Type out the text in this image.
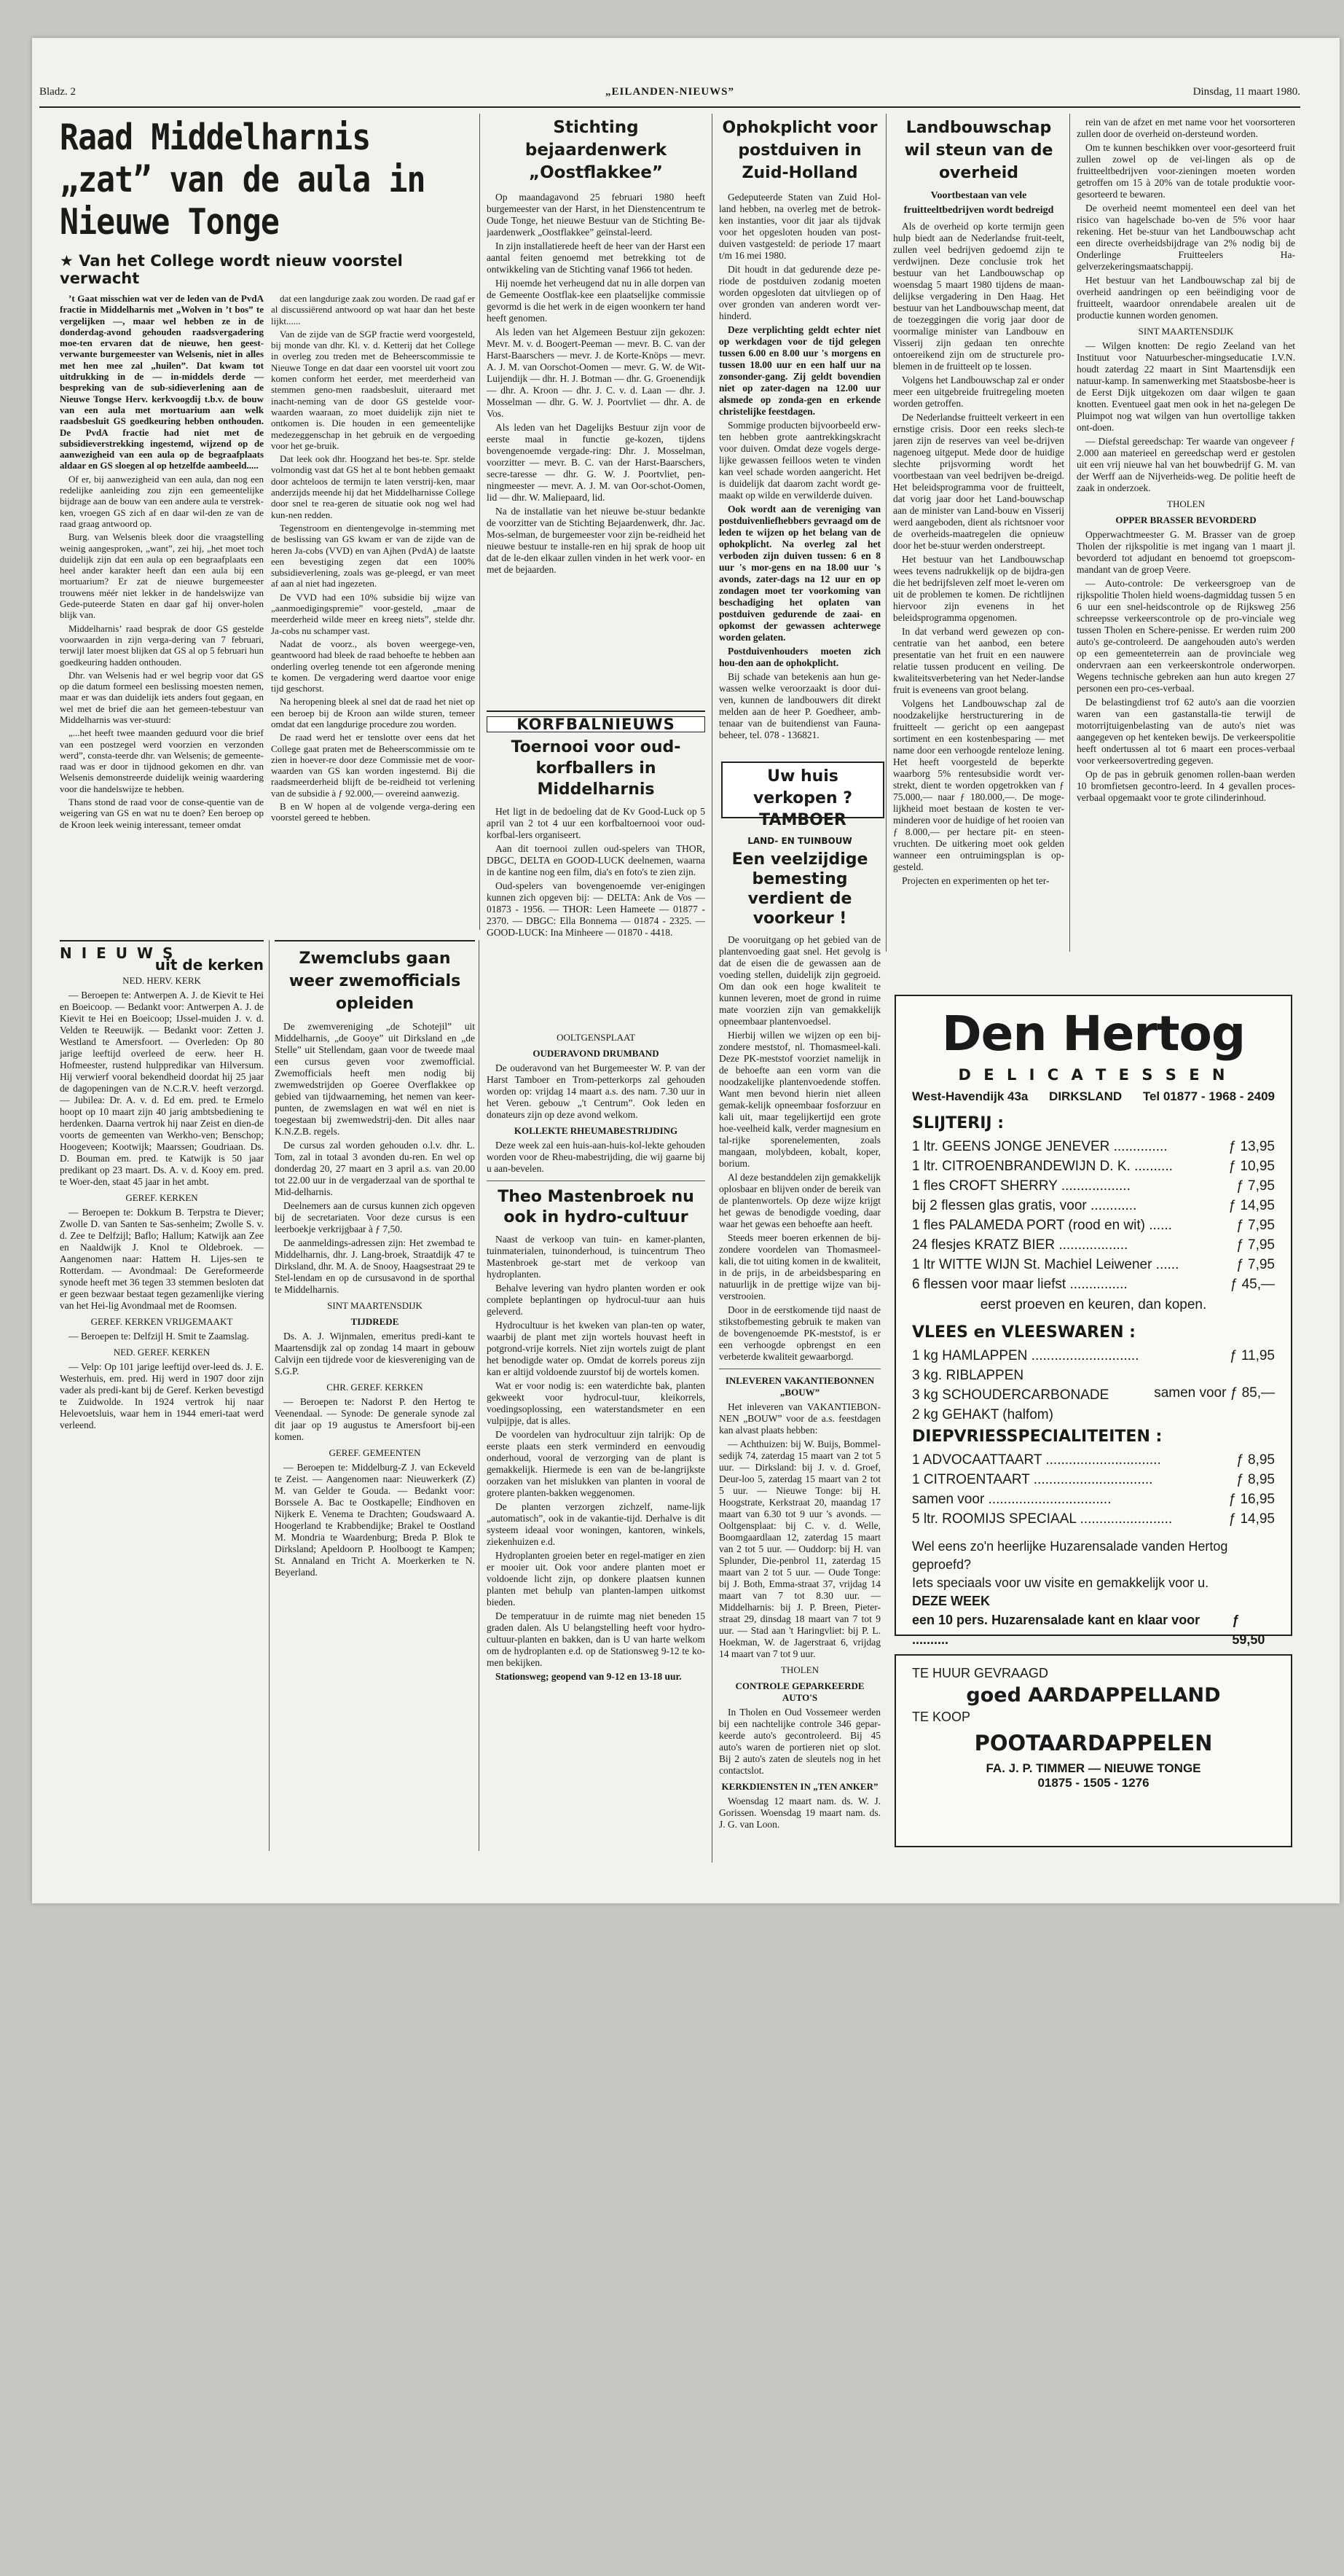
Bladz. 2	„EILANDEN-NIEUWS”	Dinsdag, 11 maart 1980.
Raad Middelharnis „zat” van de aula in Nieuwe Tonge
★ Van het College wordt nieuw voorstel verwacht

’t Gaat misschien wat ver de leden van de PvdA fractie in Middelharnis met „Wolven in ’t bos” te vergelijken —, maar wel hebben ze in de donderdag-avond gehouden raadsvergadering moe-ten ervaren dat de nieuwe, hen geest-verwante burgemeester van Welsenis, niet in alles met hen mee zal „huilen”. Dat kwam tot uitdrukking in de — in-middels derde — bespreking van de sub-sidieverlening aan de Nieuwe Tongse Herv. kerkvoogdij t.b.v. de bouw van een aula met mortuarium aan welk raadsbesluit GS goedkeuring hebben onthouden. De PvdA fractie had niet met de subsidieverstrekking ingestemd, wijzend op de aanwezigheid van een aula op de begraafplaats aldaar en GS sloegen al op hetzelfde aambeeld.....

Of er, bij aanwezigheid van een aula, dan nog een redelijke aanleiding zou zijn een gemeentelijke bijdrage aan de bouw van een andere aula te verstrek-ken, vroegen GS zich af en daar wil-den ze van de raad graag antwoord op.

Burg. van Welsenis bleek door die vraagstelling weinig aangesproken, „want”, zei hij, „het moet toch duidelijk zijn dat een aula op een begraafplaats een heel ander karakter heeft dan een aula bij een mortuarium? Er zat de nieuwe burgemeester trouwens méér niet lekker in de handelswijze van Gede-puteerde Staten en daar gaf hij onver-holen blijk van.

Middelharnis’ raad besprak de door GS gestelde voorwaarden in zijn verga-dering van 7 februari, terwijl later moest blijken dat GS al op 5 februari hun goedkeuring hadden onthouden.

Dhr. van Welsenis had er wel begrip voor dat GS op die datum formeel een beslissing moesten nemen, maar er was dan duidelijk iets anders fout gegaan, en wel met de brief die aan het gemeen-tebestuur van Middelharnis was ver-stuurd:

„...het heeft twee maanden geduurd voor die brief van een postzegel werd voorzien en verzonden werd”, consta-teerde dhr. van Welsenis; de gemeente-raad was er door in tijdnood gekomen en dhr. van Welsenis demonstreerde duidelijk weinig waardering voor die handelswijze te hebben.

Thans stond de raad voor de conse-quentie van de weigering van GS en wat nu te doen? Een beroep op de Kroon leek weinig interessant, temeer omdat

dat een langdurige zaak zou worden. De raad gaf er al discussiërend antwoord op wat haar dan het beste lijkt......

Van de zijde van de SGP fractie werd voorgesteld, bij monde van dhr. Kl. v. d. Ketterij dat het College in overleg zou treden met de Beheerscommissie te Nieuwe Tonge en dat daar een voorstel uit voort zou komen conform het eerder, met meerderheid van stemmen geno-men raadsbesluit, uiteraard met inacht-neming van de door GS gestelde voor-waarden waaraan, zo moet duidelijk zijn niet te ontkomen is. Die houden in een gemeentelijke medezeggenschap in het gebruik en de vergoeding voor het ge-bruik.

Dat leek ook dhr. Hoogzand het bes-te. Spr. stelde volmondig vast dat GS het al te bont hebben gemaakt door achteloos de termijn te laten verstrij-ken, maar anderzijds meende hij dat het Middelharnisse College door snel te rea-geren de situatie ook nog wel had kun-nen redden.

Tegenstroom en dientengevolge in-stemming met de beslissing van GS kwam er van de zijde van de heren Ja-cobs (VVD) en van Ajhen (PvdA) de laatste een bevestiging zegen dat een 100% subsidieverlening, zoals was ge-pleegd, er van meet af aan al niet had ingezeten.

De VVD had een 10% subsidie bij wijze van „aanmoedigingspremie” voor-gesteld, „maar de meerderheid wilde meer en kreeg niets”, stelde dhr. Ja-cobs nu schamper vast.

Nadat de voorz., als boven weergege-ven, geantwoord had bleek de raad behoefte te hebben aan onderling overleg tenende tot een afgeronde mening te komen. De vergadering werd daartoe voor enige tijd geschorst.

Na heropening bleek al snel dat de raad het niet op een beroep bij de Kroon aan wilde sturen, temeer omdat dat een langdurige procedure zou worden.

De raad werd het er tenslotte over eens dat het College gaat praten met de Beheerscommissie om te zien in hoever-re door deze Commissie met de voor-waarden van GS kan worden ingestemd. Bij die raadsmeerderheid blijft de be-reidheid tot verlening van de subsidie à ƒ 92.000,— overeind aanwezig.

B en W hopen al de volgende verga-dering een voorstel gereed te hebben.

Stichting bejaardenwerk „Oostflakkee”

Op maandagavond 25 februari 1980 heeft burgemeester van der Harst, in het Dienstencentrum te Oude Tonge, het nieuwe Bestuur van de Stichting Be-jaardenwerk „Oostflakkee” geïnstal-leerd.

In zijn installatierede heeft de heer van der Harst een aantal feiten genoemd met betrekking tot de ontwikkeling van de Stichting vanaf 1966 tot heden.

Hij noemde het verheugend dat nu in alle dorpen van de Gemeente Oostflak-kee een plaatselijke commissie gevormd is die het werk in de eigen woonkern ter hand heeft genomen.

Als leden van het Algemeen Bestuur zijn gekozen: Mevr. M. v. d. Boogert-Peeman — mevr. B. C. van der Harst-Baarschers — mevr. J. de Korte-Knöps — mevr. A. J. M. van Oorschot-Oomen — mevr. G. W. de Wit-Luijendijk — dhr. H. J. Botman — dhr. G. Groenendijk — dhr. A. Kroon — dhr. J. C. v. d. Laan — dhr. J. Mosselman — dhr. G. W. J. Poortvliet — dhr. A. de Vos.

Als leden van het Dagelijks Bestuur zijn voor de eerste maal in functie ge-kozen, tijdens bovengenoemde vergade-ring: Dhr. J. Mosselman, voorzitter — mevr. B. C. van der Harst-Baarschers, secre-taresse — dhr. G. W. J. Poortvliet, pen-ningmeester — mevr. A. J. M. van Oor-schot-Oomen, lid — dhr. W. Maliepaard, lid.

Na de installatie van het nieuwe be-stuur bedankte de voorzitter van de Stichting Bejaardenwerk, dhr. Jac. Mos-selman, de burgemeester voor zijn be-reidheid het nieuwe bestuur te installe-ren en hij sprak de hoop uit dat de le-den elkaar zullen vinden in het werk voor- en met de bejaarden.

KORFBALNIEUWS
Toernooi voor oud-korfballers in Middelharnis

Het ligt in de bedoeling dat de Kv Good-Luck op 5 april van 2 tot 4 uur een korfbaltoernooi voor oud-korfbal-lers organiseert.

Aan dit toernooi zullen oud-spelers van THOR, DBGC, DELTA en GOOD-LUCK deelnemen, waarna in de kantine nog een film, dia's en foto's te zien zijn.

Oud-spelers van bovengenoemde ver-enigingen kunnen zich opgeven bij: — DELTA: Ank de Vos — 01873 - 1956. — THOR: Leen Hameete — 01877 - 2370. — DBGC: Ella Bonnema — 01874 - 2325. — GOOD-LUCK: Ina Minheere — 01870 - 4418.

Ophokplicht voor postduiven in Zuid-Holland

Gedeputeerde Staten van Zuid Hol-land hebben, na overleg met de betrok-ken instanties, voor dit jaar als tijdvak voor het opgesloten houden van post-duiven vastgesteld: de periode 17 maart t/m 16 mei 1980.

Dit houdt in dat gedurende deze pe-riode de postduiven zodanig moeten worden opgesloten dat uitvliegen op of over gronden van anderen wordt ver-hinderd.

Deze verplichting geldt echter niet op werkdagen voor de tijd gelegen tussen 6.00 en 8.00 uur 's morgens en tussen 18.00 uur en een half uur na zonsonder-gang. Zij geldt bovendien niet op zater-dagen na 12.00 uur alsmede op zonda-gen en erkende christelijke feestdagen.

Sommige producten bijvoorbeeld erw-ten hebben grote aantrekkingskracht voor duiven. Omdat deze vogels derge-lijke gewassen feilloos weten te vinden kan veel schade worden aangericht. Het is duidelijk dat daarom zacht wordt ge-maakt op wilde en verwilderde duiven.

Ook wordt aan de vereniging van postduivenliefhebbers gevraagd om de leden te wijzen op het belang van de ophokplicht. Na overleg zal het verboden zijn duiven tussen: 6 en 8 uur 's mor-gens en na 18.00 uur 's avonds, zater-dags na 12 uur en op zondagen moet ter voorkoming van beschadiging het oplaten van postduiven gedurende de zaai- en opkomst der gewassen achterwege worden gelaten.

Postduivenhouders moeten zich hou-den aan de ophokplicht.

Bij schade van betekenis aan hun ge-wassen welke veroorzaakt is door dui-ven, kunnen de landbouwers dit direkt melden aan de heer P. Goedheer, amb-tenaar van de buitendienst van Fauna-beheer, tel. 078 - 136821.

Uw huis verkopen ? TAMBOER
LAND- EN TUINBOUW
Een veelzijdige bemesting verdient de voorkeur !

De vooruitgang op het gebied van de plantenvoeding gaat snel. Het gevolg is dat de eisen die de gewassen aan de voeding stellen, duidelijk zijn gegroeid. Om dan ook een hoge kwaliteit te kunnen leveren, moet de grond in ruime mate voorzien zijn van gemakkelijk opneembaar plantenvoedsel.

Hierbij willen we wijzen op een bij-zondere meststof, nl. Thomasmeel-kali. Deze PK-meststof voorziet namelijk in de behoefte aan een vorm van die noodzakelijke plantenvoedende stoffen. Want men bevond hierin niet alleen gemak-kelijk opneembaar fosforzuur en kali uit, maar tegelijkertijd een grote hoe-veelheid kalk, verder magnesium en tal-rijke sporenelementen, zoals mangaan, molybdeen, kobalt, koper, borium.

Al deze bestanddelen zijn gemakkelijk oplosbaar en blijven onder de bereik van de plantenwortels. Op deze wijze krijgt het gewas de benodigde voeding, daar waar het gewas een behoefte aan heeft.

Steeds meer boeren erkennen de bij-zondere voordelen van Thomasmeel-kali, die tot uiting komen in de kwaliteit, in de prijs, in de arbeidsbesparing en natuurlijk in de prettige wijze van bij-verstrooien.

Door in de eerstkomende tijd naast de stikstofbemesting gebruik te maken van de bovengenoemde PK-meststof, is er een verhoogde opbrengst en een verbeterde kwaliteit gewaarborgd.

INLEVEREN VAKANTIEBONNEN „BOUW”

Het inleveren van VAKANTIEBON-NEN „BOUW” voor de a.s. feestdagen kan alvast plaats hebben:

— Achthuizen: bij W. Buijs, Bommel-sedijk 74, zaterdag 15 maart van 2 tot 5 uur. — Dirksland: bij J. v. d. Groef, Deur-loo 5, zaterdag 15 maart van 2 tot 5 uur. — Nieuwe Tonge: bij H. Hoogstrate, Kerkstraat 20, maandag 17 maart van 6.30 tot 9 uur 's avonds. — Ooltgensplaat: bij C. v. d. Welle, Boomgaardlaan 12, zaterdag 15 maart van 2 tot 5 uur. — Ouddorp: bij H. van Splunder, Die-penbrol 11, zaterdag 15 maart van 2 tot 5 uur. — Oude Tonge: bij J. Both, Emma-straat 37, vrijdag 14 maart van 7 tot 8.30 uur. — Middelharnis: bij J. P. Breen, Pieter-straat 29, dinsdag 18 maart van 7 tot 9 uur. — Stad aan 't Haringvliet: bij P. L. Hoekman, W. de Jagerstraat 6, vrijdag 14 maart van 7 tot 9 uur.

THOLEN
CONTROLE GEPARKEERDE AUTO'S

In Tholen en Oud Vossemeer werden bij een nachtelijke controle 346 gepar-keerde auto's gecontroleerd. Bij 45 auto's waren de portieren niet op slot. Bij 2 auto's zaten de sleutels nog in het contactslot.

KERKDIENSTEN IN „TEN ANKER”

Woensdag 12 maart nam. ds. W. J. Gorissen. Woensdag 19 maart nam. ds. J. G. van Loon.

Landbouwschap wil steun van de overheid
Voortbestaan van vele fruitteeltbedrijven wordt bedreigd

Als de overheid op korte termijn geen hulp biedt aan de Nederlandse fruit-teelt, zullen veel bedrijven gedoemd zijn te verdwijnen. Deze conclusie trok het bestuur van het Landbouwschap op woensdag 5 maart 1980 tijdens de maan-delijkse vergadering in Den Haag. Het bestuur van het Landbouwschap meent, dat de toezeggingen die vorig jaar door de voormalige minister van Landbouw en Visserij zijn gedaan ten onrechte ontoereikend zijn om de structurele pro-blemen in de fruitteelt op te lossen.

Volgens het Landbouwschap zal er onder meer een uitgebreide fruitregeling moeten worden getroffen.

De Nederlandse fruitteelt verkeert in een ernstige crisis. Door een reeks slech-te jaren zijn de reserves van veel be-drijven nagenoeg uitgeput. Mede door de huidige slechte prijsvorming wordt het voortbestaan van veel bedrijven be-dreigd. Het beleidsprogramma voor de fruitteelt, dat vorig jaar door het Land-bouwschap aan de minister van Land-bouw en Visserij werd aangeboden, dient als richtsnoer voor de overheids-maatregelen die opnieuw door het be-stuur werden onderstreept.

Het bestuur van het Landbouwschap wees tevens nadrukkelijk op de bijdra-gen die het bedrijfsleven zelf moet le-veren om uit de problemen te komen. De richtlijnen hiervoor zijn evenens in het beleidsprogramma opgenomen.

In dat verband werd gewezen op con-centratie van het aanbod, een betere presentatie van het fruit en een nauwere relatie tussen producent en veiling. De kwaliteitsverbetering van het Neder-landse fruit is eveneens van groot belang.

Volgens het Landbouwschap zal de noodzakelijke herstructurering in de fruitteelt — gericht op een aangepast sortiment en een kostenbesparing — met name door een verhoogde renteloze lening. Het heeft voorgesteld de beperkte waarborg 5% rentesubsidie wordt ver-strekt, dient te worden opgetrokken van ƒ 75.000,— naar ƒ 180.000,—. De moge-lijkheid moet bestaan de kosten te ver-minderen voor de huidige of het rooien van ƒ 8.000,— per hectare pit- en steen-vruchten. De uitkering moet ook gelden wanneer een ontruimingsplan is op-gesteld.

Projecten en experimenten op het ter-

rein van de afzet en met name voor het voorsorteren zullen door de overheid on-dersteund worden.

Om te kunnen beschikken over voor-gesorteerd fruit zullen zowel op de vei-lingen als op de fruitteeltbedrijven voor-zieningen moeten worden getroffen om 15 à 20% van de totale produktie voor-gesorteerd te bewaren.

De overheid neemt momenteel een deel van het risico van hagelschade bo-ven de 5% voor haar rekening. Het be-stuur van het Landbouwschap acht een directe overheidsbijdrage van 2% nodig bij de Onderlinge Fruitteelers Ha-gelverzekeringsmaatschappij.

Het bestuur van het Landbouwschap zal bij de overheid aandringen op een beëindiging voor de fruitteelt, waardoor onrendabele arealen uit de productie kunnen worden genomen.

SINT MAARTENSDIJK

— Wilgen knotten: De regio Zeeland van het Instituut voor Natuurbescher-mingseducatie I.V.N. houdt zaterdag 22 maart in Sint Maartensdijk een natuur-kamp. In samenwerking met Staatsbosbe-heer is de Eerst Dijk uitgekozen om daar wilgen te gaan knotten. Eventueel gaat men ook in het na-gelegen De Pluimpot nog wat wilgen van hun overtollige takken ont-doen.

— Diefstal gereedschap: Ter waarde van ongeveer ƒ 2.000 aan materieel en gereedschap werd er gestolen uit een vrij nieuwe hal van het bouwbedrijf G. M. van der Werff aan de Nijverheids-weg. De politie heeft de zaak in onderzoek.

THOLEN
OPPER BRASSER BEVORDERD

Opperwachtmeester G. M. Brasser van de groep Tholen der rijkspolitie is met ingang van 1 maart jl. bevorderd tot adjudant en benoemd tot groepscom-mandant van de groep Veere.

— Auto-controle: De verkeersgroep van de rijkspolitie Tholen hield woens-dagmiddag tussen 5 en 6 uur een snel-heidscontrole op de Rijksweg 256 schreepsse verkeerscontrole op de pro-vinciale weg tussen Tholen en Schere-penisse. Er werden ruim 200 auto's ge-controleerd. De aangehouden auto's werden op een gemeenteterrein aan de provinciale weg ondervraen aan een verkeerskontrole onderworpen. Wegens technische gebreken aan hun auto kregen 27 personen een pro-ces-verbaal.

De belastingdienst trof 62 auto's aan die voorzien waren van een gastanstalla-tie terwijl de motorrijtuigenbelasting van de auto's niet was aangegeven op het kenteken bewijs. De verkeerspolitie heeft ondertussen al tot 6 maart een proces-verbaal voor verkeersovertreding gegeven.

Op de pas in gebruik genomen rollen-baan werden 10 bromfietsen gecontro-leerd. In 4 gevallen proces-verbaal opgemaakt voor te grote cilinderinhoud.

N I E U W S
uit de kerken
NED. HERV. KERK

— Beroepen te: Antwerpen A. J. de Kievit te Hei en Boeicoop. — Bedankt voor: Antwerpen A. J. de Kievit te Hei en Boeicoop; IJssel-muiden J. v. d. Velden te Reeuwijk. — Bedankt voor: Zetten J. Westland te Amersfoort. — Overleden: Op 80 jarige leeftijd overleed de eerw. heer H. Hofmeester, rustend hulppredikar van Hilversum. Hij verwierf vooral bekendheid doordat hij 25 jaar de dagopeningen van de N.C.R.V. heeft verzorgd. — Jubilea: Dr. A. v. d. Ed em. pred. te Ermelo hoopt op 10 maart zijn 40 jarig ambtsbediening te herdenken. Daarna vertrok hij naar Zeist en dien-de voorts de gemeenten van Werkho-ven; Benschop; Hoogeveen; Kootwijk; Maarssen; Goudriaan. Ds. D. Bouman em. pred. te Katwijk is 50 jaar predikant op 23 maart. Ds. A. v. d. Kooy em. pred. te Woer-den, staat 45 jaar in het ambt.

GEREF. KERKEN

— Beroepen te: Dokkum B. Terpstra te Diever; Zwolle D. van Santen te Sas-senheim; Zwolle S. v. d. Zee te Delfzijl; Baflo; Hallum; Katwijk aan Zee en Naaldwijk J. Knol te Oldebroek. — Aangenomen naar: Hattem H. Lijes-sen te Rotterdam. — Avondmaal: De Gereformeerde synode heeft met 36 tegen 33 stemmen besloten dat er geen bezwaar bestaat tegen gezamenlijke viering van het Hei-lig Avondmaal met de Roomsen.

GEREF. KERKEN VRIJGEMAAKT

— Beroepen te: Delfzijl H. Smit te Zaamslag.

NED. GEREF. KERKEN

— Velp: Op 101 jarige leeftijd over-leed ds. J. E. Westerhuis, em. pred. Hij werd in 1907 door zijn vader als predi-kant bij de Geref. Kerken bevestigd te Zuidwolde. In 1924 vertrok hij naar Helevoetsluis, waar hem in 1944 emeri-taat werd verleend.

Zwemclubs gaan weer zwemofficials opleiden

De zwemvereniging „de Schotejil” uit Middelharnis, „de Gooye” uit Dirksland en „de Stelle” uit Stellendam, gaan voor de tweede maal een cursus geven voor zwemofficial. Zwemofficials heeft men nodig bij zwemwedstrijden op Goeree Overflakkee op gebied van tijdwaarneming, het nemen van keer-punten, de zwemslagen en wat wél en niet is toegestaan bij zwemwedstrij-den. Dit alles naar K.N.Z.B. regels.

De cursus zal worden gehouden o.l.v. dhr. L. Tom, zal in totaal 3 avonden du-ren. En wel op donderdag 20, 27 maart en 3 april a.s. van 20.00 tot 22.00 uur in de vergaderzaal van de sporthal te Mid-delharnis.

Deelnemers aan de cursus kunnen zich opgeven bij de secretariaten. Voor deze cursus is een leerboekje verkrijgbaar à ƒ 7,50.

De aanmeldings-adressen zijn: Het zwembad te Middelharnis, dhr. J. Lang-broek, Straatdijk 47 te Dirksland, dhr. M. A. de Snooy, Haagsestraat 29 te Stel-lendam en op de cursusavond in de sporthal te Middelharnis.

SINT MAARTENSDIJK
TIJDREDE

Ds. A. J. Wijnmalen, emeritus predi-kant te Maartensdijk zal op zondag 14 maart in gebouw Calvijn een tijdrede voor de kiesvereniging van de S.G.P.

CHR. GEREF. KERKEN

— Beroepen te: Nadorst P. den Hertog te Veenendaal. — Synode: De generale synode zal dit jaar op 19 augustus te Amersfoort bij-een komen.

GEREF. GEMEENTEN

— Beroepen te: Middelburg-Z J. van Eckeveld te Zeist. — Aangenomen naar: Nieuwerkerk (Z) M. van Gelder te Gouda. — Bedankt voor: Borssele A. Bac te Oostkapelle; Eindhoven en Nijkerk E. Venema te Drachten; Goudswaard A. Hoogerland te Krabbendijke; Brakel te Oostland M. Mondria te Waardenburg; Breda P. Blok te Dirksland; Apeldoorn P. Hoolboogt te Kampen; St. Annaland en Tricht A. Moerkerken te N. Beyerland.

OOLTGENSPLAAT
OUDERAVOND DRUMBAND

De ouderavond van het Burgemeester W. P. van der Harst Tamboer en Trom-petterkorps zal gehouden worden op: vrijdag 14 maart a.s. des nam. 7.30 uur in het Veren. gebouw „'t Centrum”. Ook leden en donateurs zijn op deze avond welkom.

KOLLEKTE RHEUMABESTRIJDING

Deze week zal een huis-aan-huis-kol-lekte gehouden worden voor de Rheu-mabestrijding, die wij gaarne bij u aan-bevelen.

Theo Mastenbroek nu ook in hydro-cultuur

Naast de verkoop van tuin- en kamer-planten, tuinmaterialen, tuinonderhoud, is tuincentrum Theo Mastenbroek ge-start met de verkoop van hydroplanten.

Behalve levering van hydro planten worden er ook complete beplantingen op hydrocul-tuur aan huis geleverd.

Hydrocultuur is het kweken van plan-ten op water, waarbij de plant met zijn wortels houvast heeft in potgrond-vrije korrels. Niet zijn wortels zuigt de plant het benodigde water op. Omdat de korrels poreus zijn kan er altijd voldoende zuurstof bij de wortels komen.

Wat er voor nodig is: een waterdichte bak, planten gekweekt voor hydrocul-tuur, kleikorrels, voedingsoplossing, een waterstandsmeter en een vulpijpje, dat is alles.

De voordelen van hydrocultuur zijn talrijk: Op de eerste plaats een sterk verminderd en eenvoudig onderhoud, vooral de verzorging van de plant is gemakkelijk. Hiermede is een van de be-langrijkste oorzaken van het mislukken van planten in vooral de grotere planten-bakken weggenomen.

De planten verzorgen zichzelf, name-lijk „automatisch”, ook in de vakantie-tijd. Derhalve is dit systeem ideaal voor woningen, kantoren, winkels, ziekenhuizen e.d.

Hydroplanten groeien beter en regel-matiger en zien er mooier uit. Ook voor andere planten moet er voldoende licht zijn, op donkere plaatsen kunnen planten met behulp van planten-lampen uitkomst bieden.

De temperatuur in de ruimte mag niet beneden 15 graden dalen. Als U belangstelling heeft voor hydro-cultuur-planten en bakken, dan is U van harte welkom om de hydroplanten e.d. op de Stationsweg 9-12 te ko-men bekijken.

Stationsweg; geopend van 9-12 en 13-18 uur.

Den Hertog
D E L I C A T E S S E N
West-Havendijk 43a DIRKSLAND Tel 01877 - 1968 - 2409
SLIJTERIJ :
1 ltr. GEENS JONGE JENEVER ..............	ƒ 13,95
1 ltr. CITROENBRANDEWIJN D. K. ..........	ƒ 10,95
1 fles CROFT SHERRY ..................	ƒ 7,95
bij 2 flessen glas gratis, voor ............	ƒ 14,95
1 fles PALAMEDA PORT (rood en wit) ......	ƒ 7,95
24 flesjes KRATZ BIER ..................	ƒ 7,95
1 ltr WITTE WIJN St. Machiel Leiwener ......	ƒ 7,95
6 flessen voor maar liefst ...............	ƒ 45,—
eerst proeven en keuren, dan kopen.
VLEES en VLEESWAREN :
1 kg HAMLAPPEN ............................	ƒ 11,95
3 kg. RIBLAPPEN
3 kg SCHOUDERCARBONADE
2 kg GEHAKT (halfom)
samen voor ƒ 85,—
DIEPVRIESSPECIALITEITEN :
1 ADVOCAATTAART ..............................	ƒ 8,95
1 CITROENTAART ...............................	ƒ 8,95
samen voor ................................	ƒ 16,95
5 ltr. ROOMIJS SPECIAAL ........................	ƒ 14,95
Wel eens zo'n heerlijke Huzarensalade vanden Hertog geproefd?
Iets speciaals voor uw visite en gemakkelijk voor u.
DEZE WEEK
een 10 pers. Huzarensalade kant en klaar voor ..........
ƒ 59,50
TE HUUR GEVRAAGD
goed AARDAPPELLAND
TE KOOP
POOTAARDAPPELEN
FA. J. P. TIMMER — NIEUWE TONGE
01875 - 1505 - 1276
